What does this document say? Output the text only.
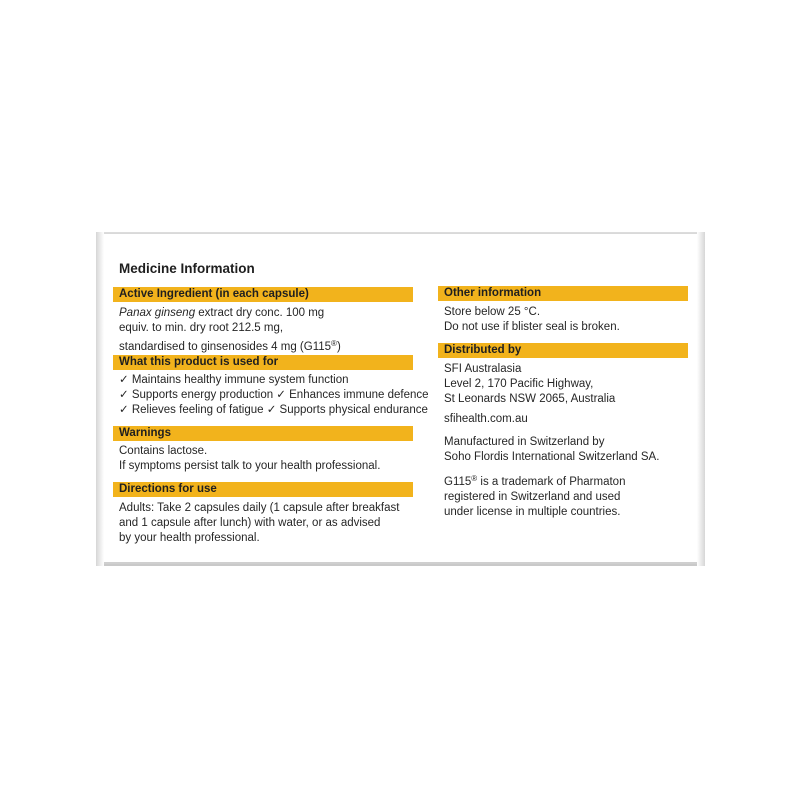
Medicine Information
Active Ingredient (in each capsule)

Panax ginseng extract dry conc. 100 mg

equiv. to min. dry root 212.5 mg,

standardised to ginsenosides 4 mg (G115®)

What this product is used for

✓ Maintains healthy immune system function

✓ Supports energy production ✓ Enhances immune defence

✓ Relieves feeling of fatigue ✓ Supports physical endurance

Warnings

Contains lactose.

If symptoms persist talk to your health professional.

Directions for use

Adults: Take 2 capsules daily (1 capsule after breakfast

and 1 capsule after lunch) with water, or as advised

by your health professional.

Other information

Store below 25 °C.

Do not use if blister seal is broken.

Distributed by

SFI Australasia

Level 2, 170 Pacific Highway,

St Leonards NSW 2065, Australia

sfihealth.com.au

Manufactured in Switzerland by

Soho Flordis International Switzerland SA.

G115® is a trademark of Pharmaton

registered in Switzerland and used

under license in multiple countries.
